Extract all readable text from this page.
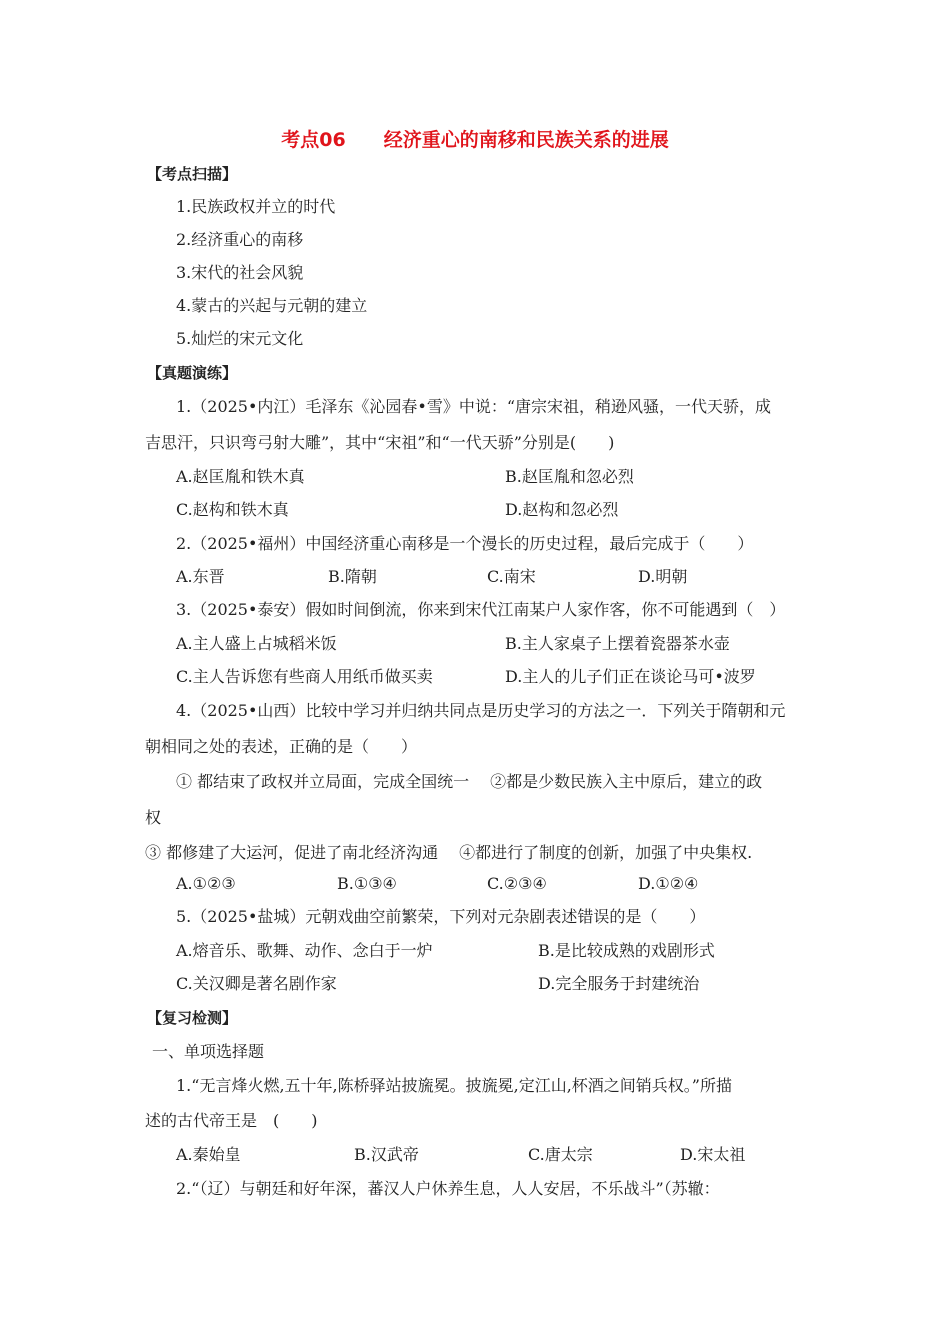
考点06　　经济重心的南移和民族关系的进展
【考点扫描】
1.民族政权并立的时代
2.经济重心的南移
3.宋代的社会风貌
4.蒙古的兴起与元朝的建立
5.灿烂的宋元文化
【真题演练】
1.（2025•内江）毛泽东《沁园春•雪》中说：“唐宗宋祖，稍逊风骚，一代天骄，成
吉思汗，只识弯弓射大雕”，其中“宋祖”和“一代天骄”分别是(　　)
A.赵匡胤和铁木真	B.赵匡胤和忽必烈
C.赵构和铁木真	D.赵构和忽必烈
2.（2025•福州）中国经济重心南移是一个漫长的历史过程，最后完成于（　　）
A.东晋	B.隋朝	C.南宋	D.明朝
3.（2025•泰安）假如时间倒流，你来到宋代江南某户人家作客，你不可能遇到（　）
A.主人盛上占城稻米饭	B.主人家桌子上摆着瓷器茶水壶
C.主人告诉您有些商人用纸币做买卖	D.主人的儿子们正在谈论马可•波罗
4.（2025•山西）比较中学习并归纳共同点是历史学习的方法之一．下列关于隋朝和元
朝相同之处的表述，正确的是（　　）
① 都结束了政权并立局面，完成全国统一　 ②都是少数民族入主中原后，建立的政
权
③ 都修建了大运河，促进了南北经济沟通　 ④都进行了制度的创新，加强了中央集权.
A.①②③	B.①③④	C.②③④	D.①②④
5.（2025•盐城）元朝戏曲空前繁荣，下列对元杂剧表述错误的是（　　）
A.熔音乐、歌舞、动作、念白于一炉	B.是比较成熟的戏剧形式
C.关汉卿是著名剧作家	D.完全服务于封建统治
【复习检测】
一、单项选择题
1.“无言烽火燃,五十年,陈桥驿站披旒冕。披旒冕,定江山,杯酒之间销兵权。”所描
述的古代帝王是　(　　)
A.秦始皇	B.汉武帝	C.唐太宗	D.宋太祖
2.“（辽）与朝廷和好年深，蕃汉人户休养生息，人人安居，不乐战斗”（苏辙：
